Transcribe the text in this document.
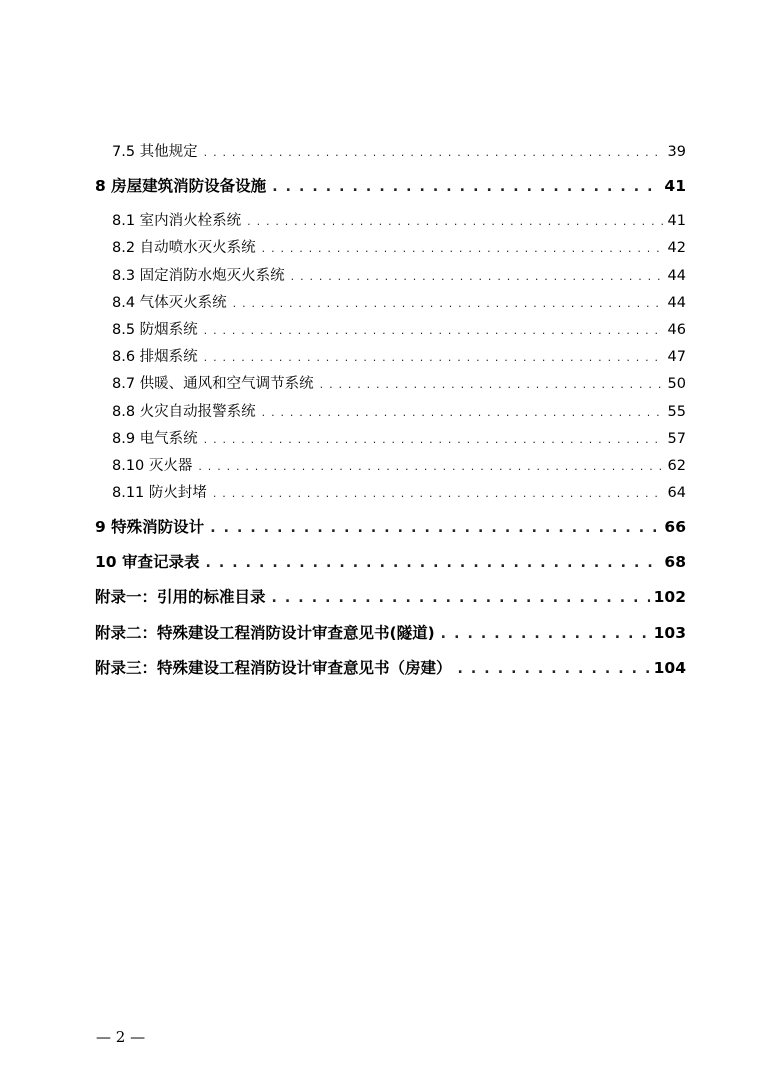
7.5 其他规定 . . .	39
8 房屋建筑消防设备设施 . . .	41
8.1 室内消火栓系统 . . .	41
8.2 自动喷水灭火系统 . . .	42
8.3 固定消防水炮灭火系统 . . .	44
8.4 气体灭火系统 . . .	44
8.5 防烟系统 . . .	46
8.6 排烟系统 . . .	47
8.7 供暖、通风和空气调节系统 . . .	50
8.8 火灾自动报警系统 . . .	55
8.9 电气系统 . . .	57
8.10 灭火器 . . .	62
8.11 防火封堵 . . .	64
9 特殊消防设计 . . .	66
10 审查记录表 . . .	68
附录一：引用的标准目录 . . .	102
附录二：特殊建设工程消防设计审查意见书(隧道) . . .	103
附录三：特殊建设工程消防设计审查意见书（房建） . . .	104
— 2 —
